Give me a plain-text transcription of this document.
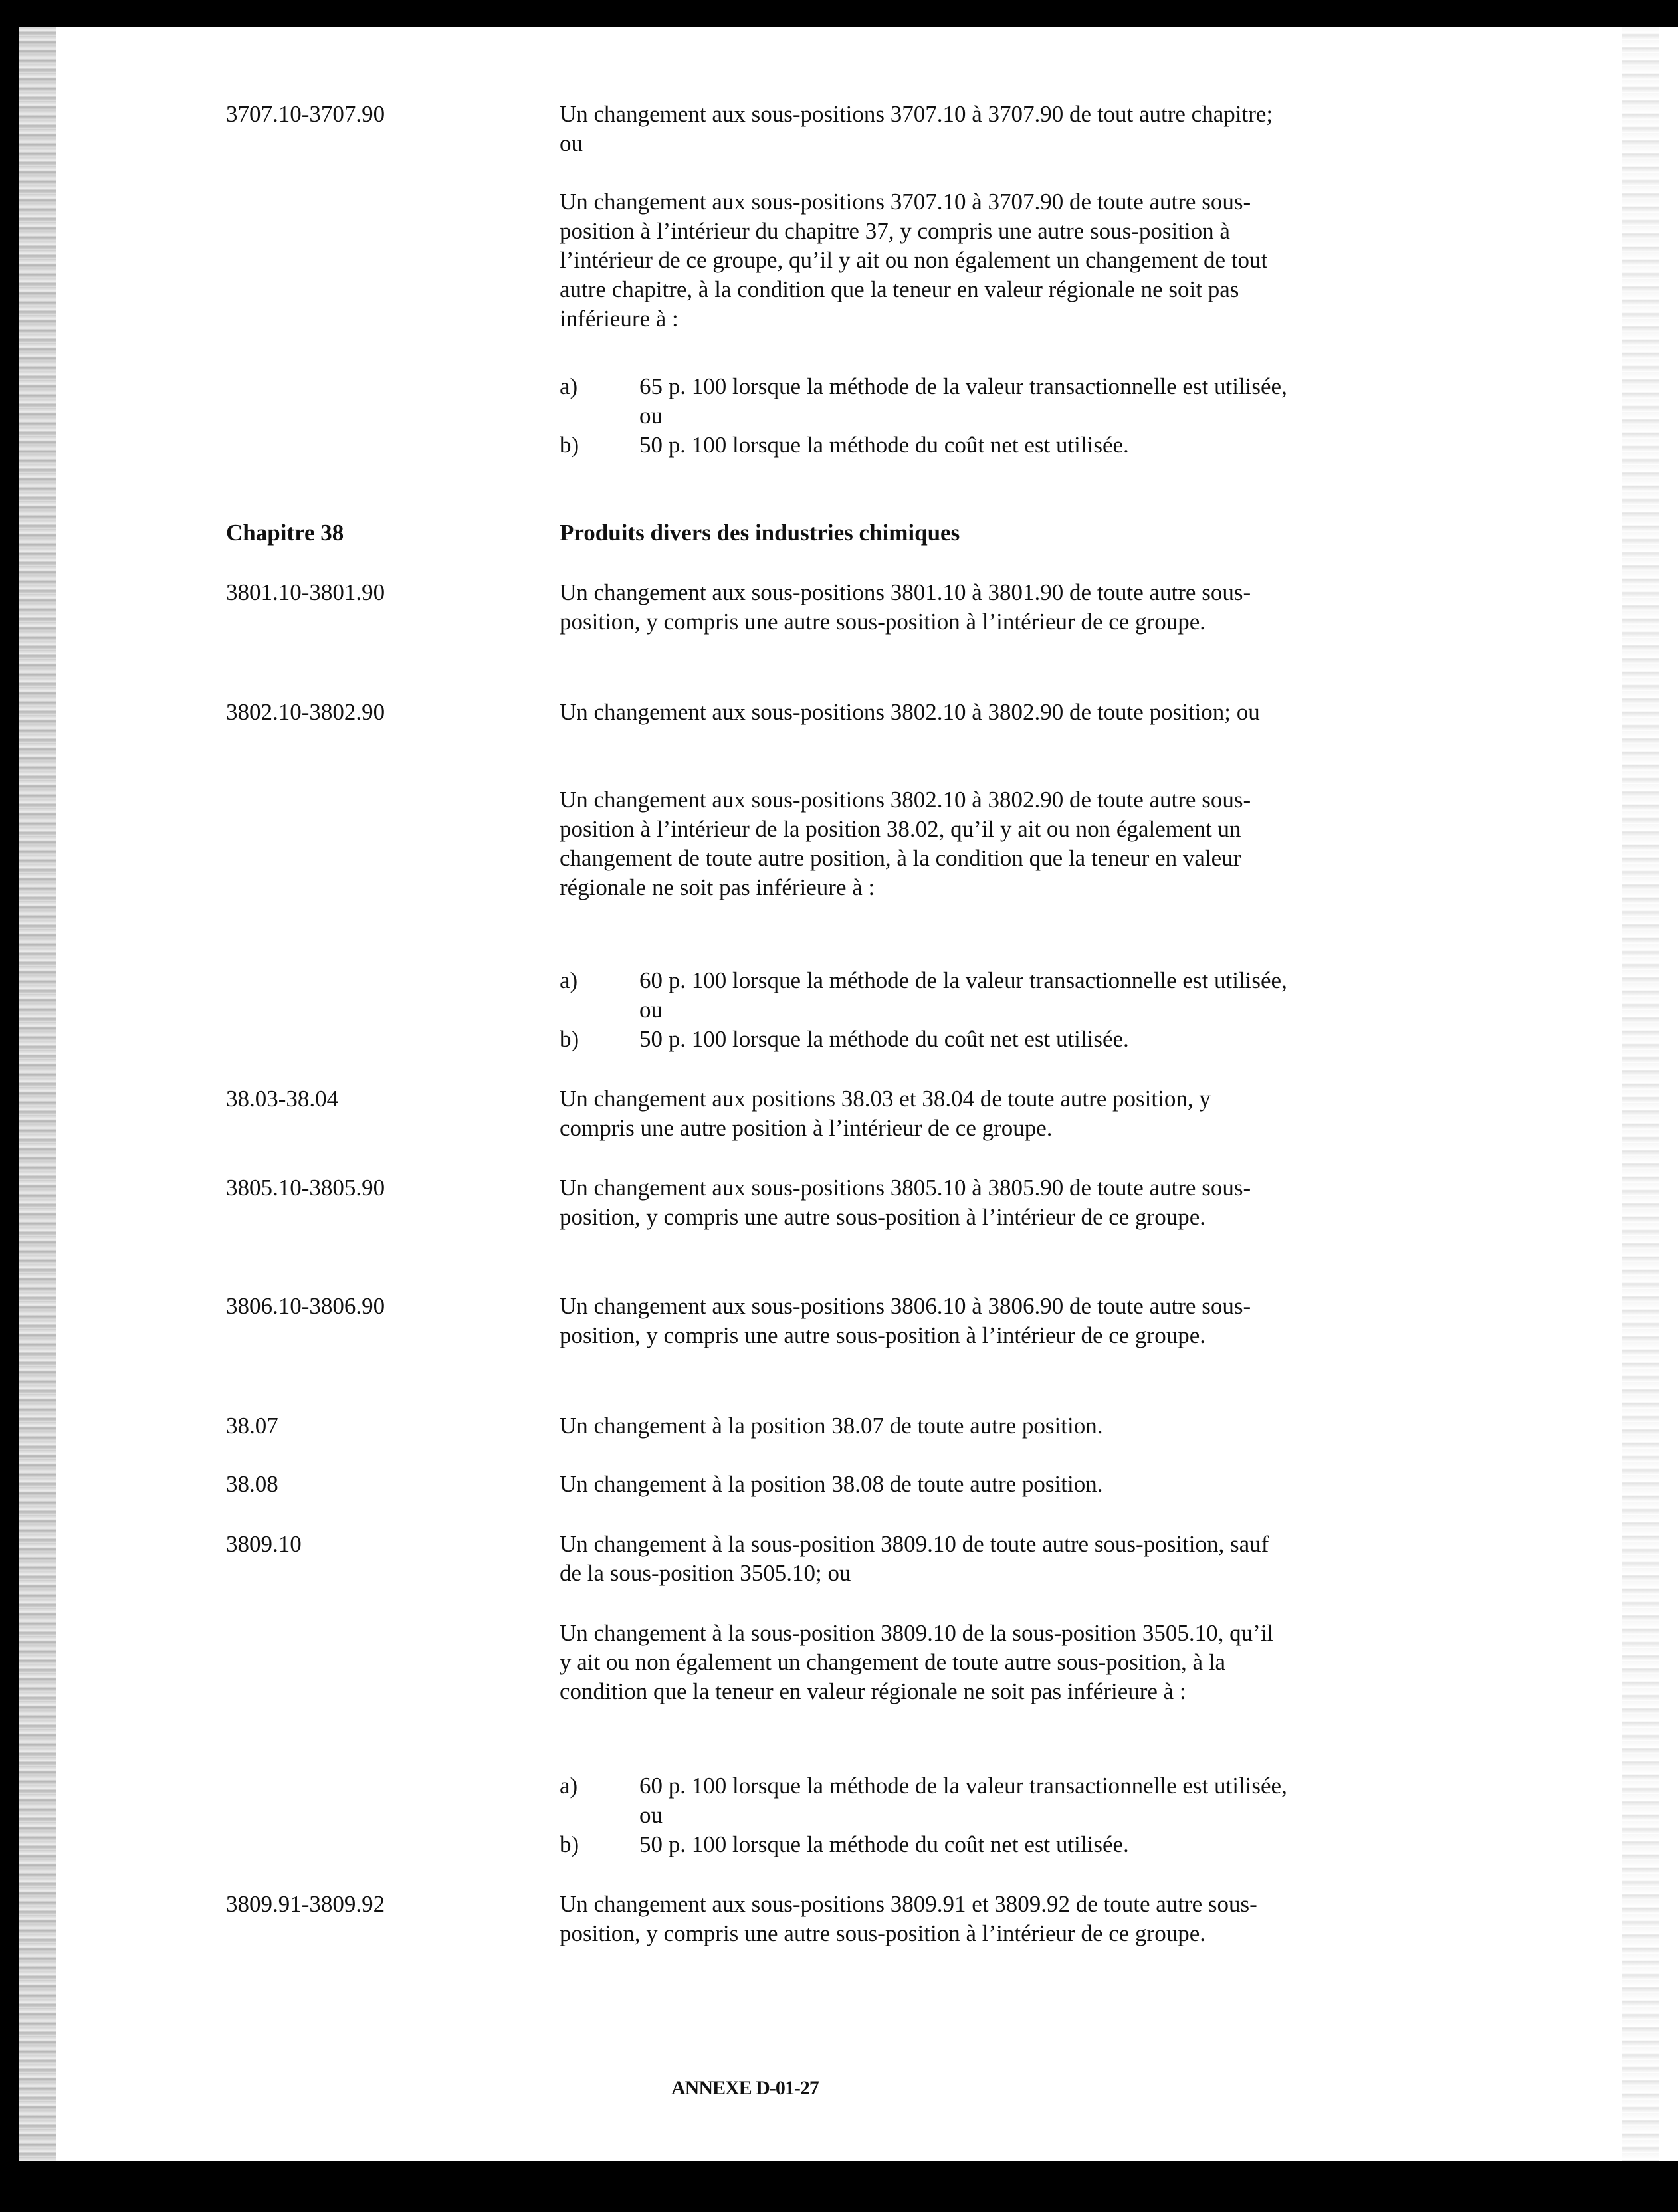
3707.10-3707.90	Un changement aux sous-positions 3707.10 à 3707.90 de tout autre chapitre; ou

Un changement aux sous-positions 3707.10 à 3707.90 de toute autre sous-position à l’intérieur du chapitre 37, y compris une autre sous-position à l’intérieur de ce groupe, qu’il y ait ou non également un changement de tout autre chapitre, à la condition que la teneur en valeur régionale ne soit pas inférieure à :

a)	65 p. 100 lorsque la méthode de la valeur transactionnelle est utilisée, ou
b)	50 p. 100 lorsque la méthode du coût net est utilisée.
Chapitre 38	Produits divers des industries chimiques
3801.10-3801.90	Un changement aux sous-positions 3801.10 à 3801.90 de toute autre sous-position, y compris une autre sous-position à l’intérieur de ce groupe.

3802.10-3802.90	Un changement aux sous-positions 3802.10 à 3802.90 de toute position; ou

Un changement aux sous-positions 3802.10 à 3802.90 de toute autre sous-position à l’intérieur de la position 38.02, qu’il y ait ou non également un changement de toute autre position, à la condition que la teneur en valeur régionale ne soit pas inférieure à :

a)	60 p. 100 lorsque la méthode de la valeur transactionnelle est utilisée, ou
b)	50 p. 100 lorsque la méthode du coût net est utilisée.
38.03-38.04	Un changement aux positions 38.03 et 38.04 de toute autre position, y compris une autre position à l’intérieur de ce groupe.

3805.10-3805.90	Un changement aux sous-positions 3805.10 à 3805.90 de toute autre sous-position, y compris une autre sous-position à l’intérieur de ce groupe.

3806.10-3806.90	Un changement aux sous-positions 3806.10 à 3806.90 de toute autre sous-position, y compris une autre sous-position à l’intérieur de ce groupe.

38.07	Un changement à la position 38.07 de toute autre position.

38.08	Un changement à la position 38.08 de toute autre position.

3809.10	Un changement à la sous-position 3809.10 de toute autre sous-position, sauf de la sous-position 3505.10; ou

Un changement à la sous-position 3809.10 de la sous-position 3505.10, qu’il y ait ou non également un changement de toute autre sous-position, à la condition que la teneur en valeur régionale ne soit pas inférieure à :

a)	60 p. 100 lorsque la méthode de la valeur transactionnelle est utilisée, ou
b)	50 p. 100 lorsque la méthode du coût net est utilisée.
3809.91-3809.92	Un changement aux sous-positions 3809.91 et 3809.92 de toute autre sous-position, y compris une autre sous-position à l’intérieur de ce groupe.

ANNEXE D-01-27
